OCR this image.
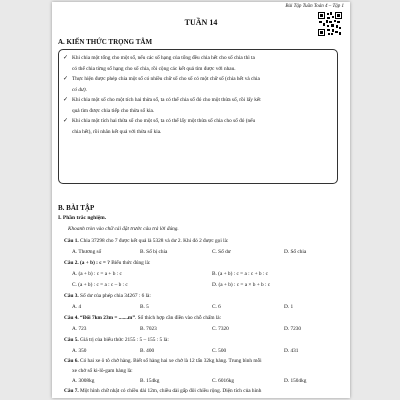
Bài Tập Tuần Toán 4 – Tập 1
TUẦN 14
A. KIẾN THỨC TRỌNG TÂM
✓ Khi chia một tổng cho một số, nếu các số hạng của tổng đều chia hết cho số chia thì ta
có thể chia từng số hạng cho số chia, rồi cộng các kết quả tìm được với nhau.
✓ Thực hiện được phép chia một số có nhiều chữ số cho số có một chữ số (chia hết và chia
có dư).
✓ Khi chia một số cho một tích hai thừa số, ta có thể chia số đó cho một thừa số, rồi lấy kết
quả tìm được chia tiếp cho thừa số kia.
✓ Khi chia một tích hai thừa số cho một số, ta có thể lấy một thừa số chia cho số đó (nếu
chia hết), rồi nhân kết quả với thừa số kia.
B. BÀI TẬP
I. Phần trắc nghiệm.
Khoanh tròn vào chữ cái đặt trước câu trả lời đúng.
Câu 1. Chia 37298 cho 7 được kết quả là 5328 và dư 2. Khi đó 2 được gọi là:
A. Thương số	B. Số bị chia	C. Số dư	D. Số chia
Câu 2. (a + b) : c = ? Biểu thức đúng là:
A. (a + b) : c = a + b : c	B. (a + b) : c = a : c + b : c
C. (a + b) : c = a : c – b : c	D. (a + b) : c = a × b + b : c
Câu 3. Số dư của phép chia 34267 : 6 là:
A. 4	B. 5	C. 6	D. 1
Câu 4. “Đổi 7km 23m = .......m”. Số thích hợp cần điền vào chỗ chấm là:
A. 723	B. 7023	C. 7320	D. 7230
Câu 5. Giá trị của biểu thức 2155 : 5 – 155 : 5 là:
A. 350	B. 400	C. 500	D. 431
Câu 6. Có hai xe ô tô chở hàng. Biết số hàng hai xe chở là 12 tấn 32kg hàng. Trung bình mỗi
xe chở số ki-lô-gam hàng là:
A. 3008kg	B. 154kg	C. 6016kg	D. 1504kg
Câu 7. Một hình chữ nhật có chiều dài 12m, chiều dài gấp đôi chiều rộng. Diện tích của hình
